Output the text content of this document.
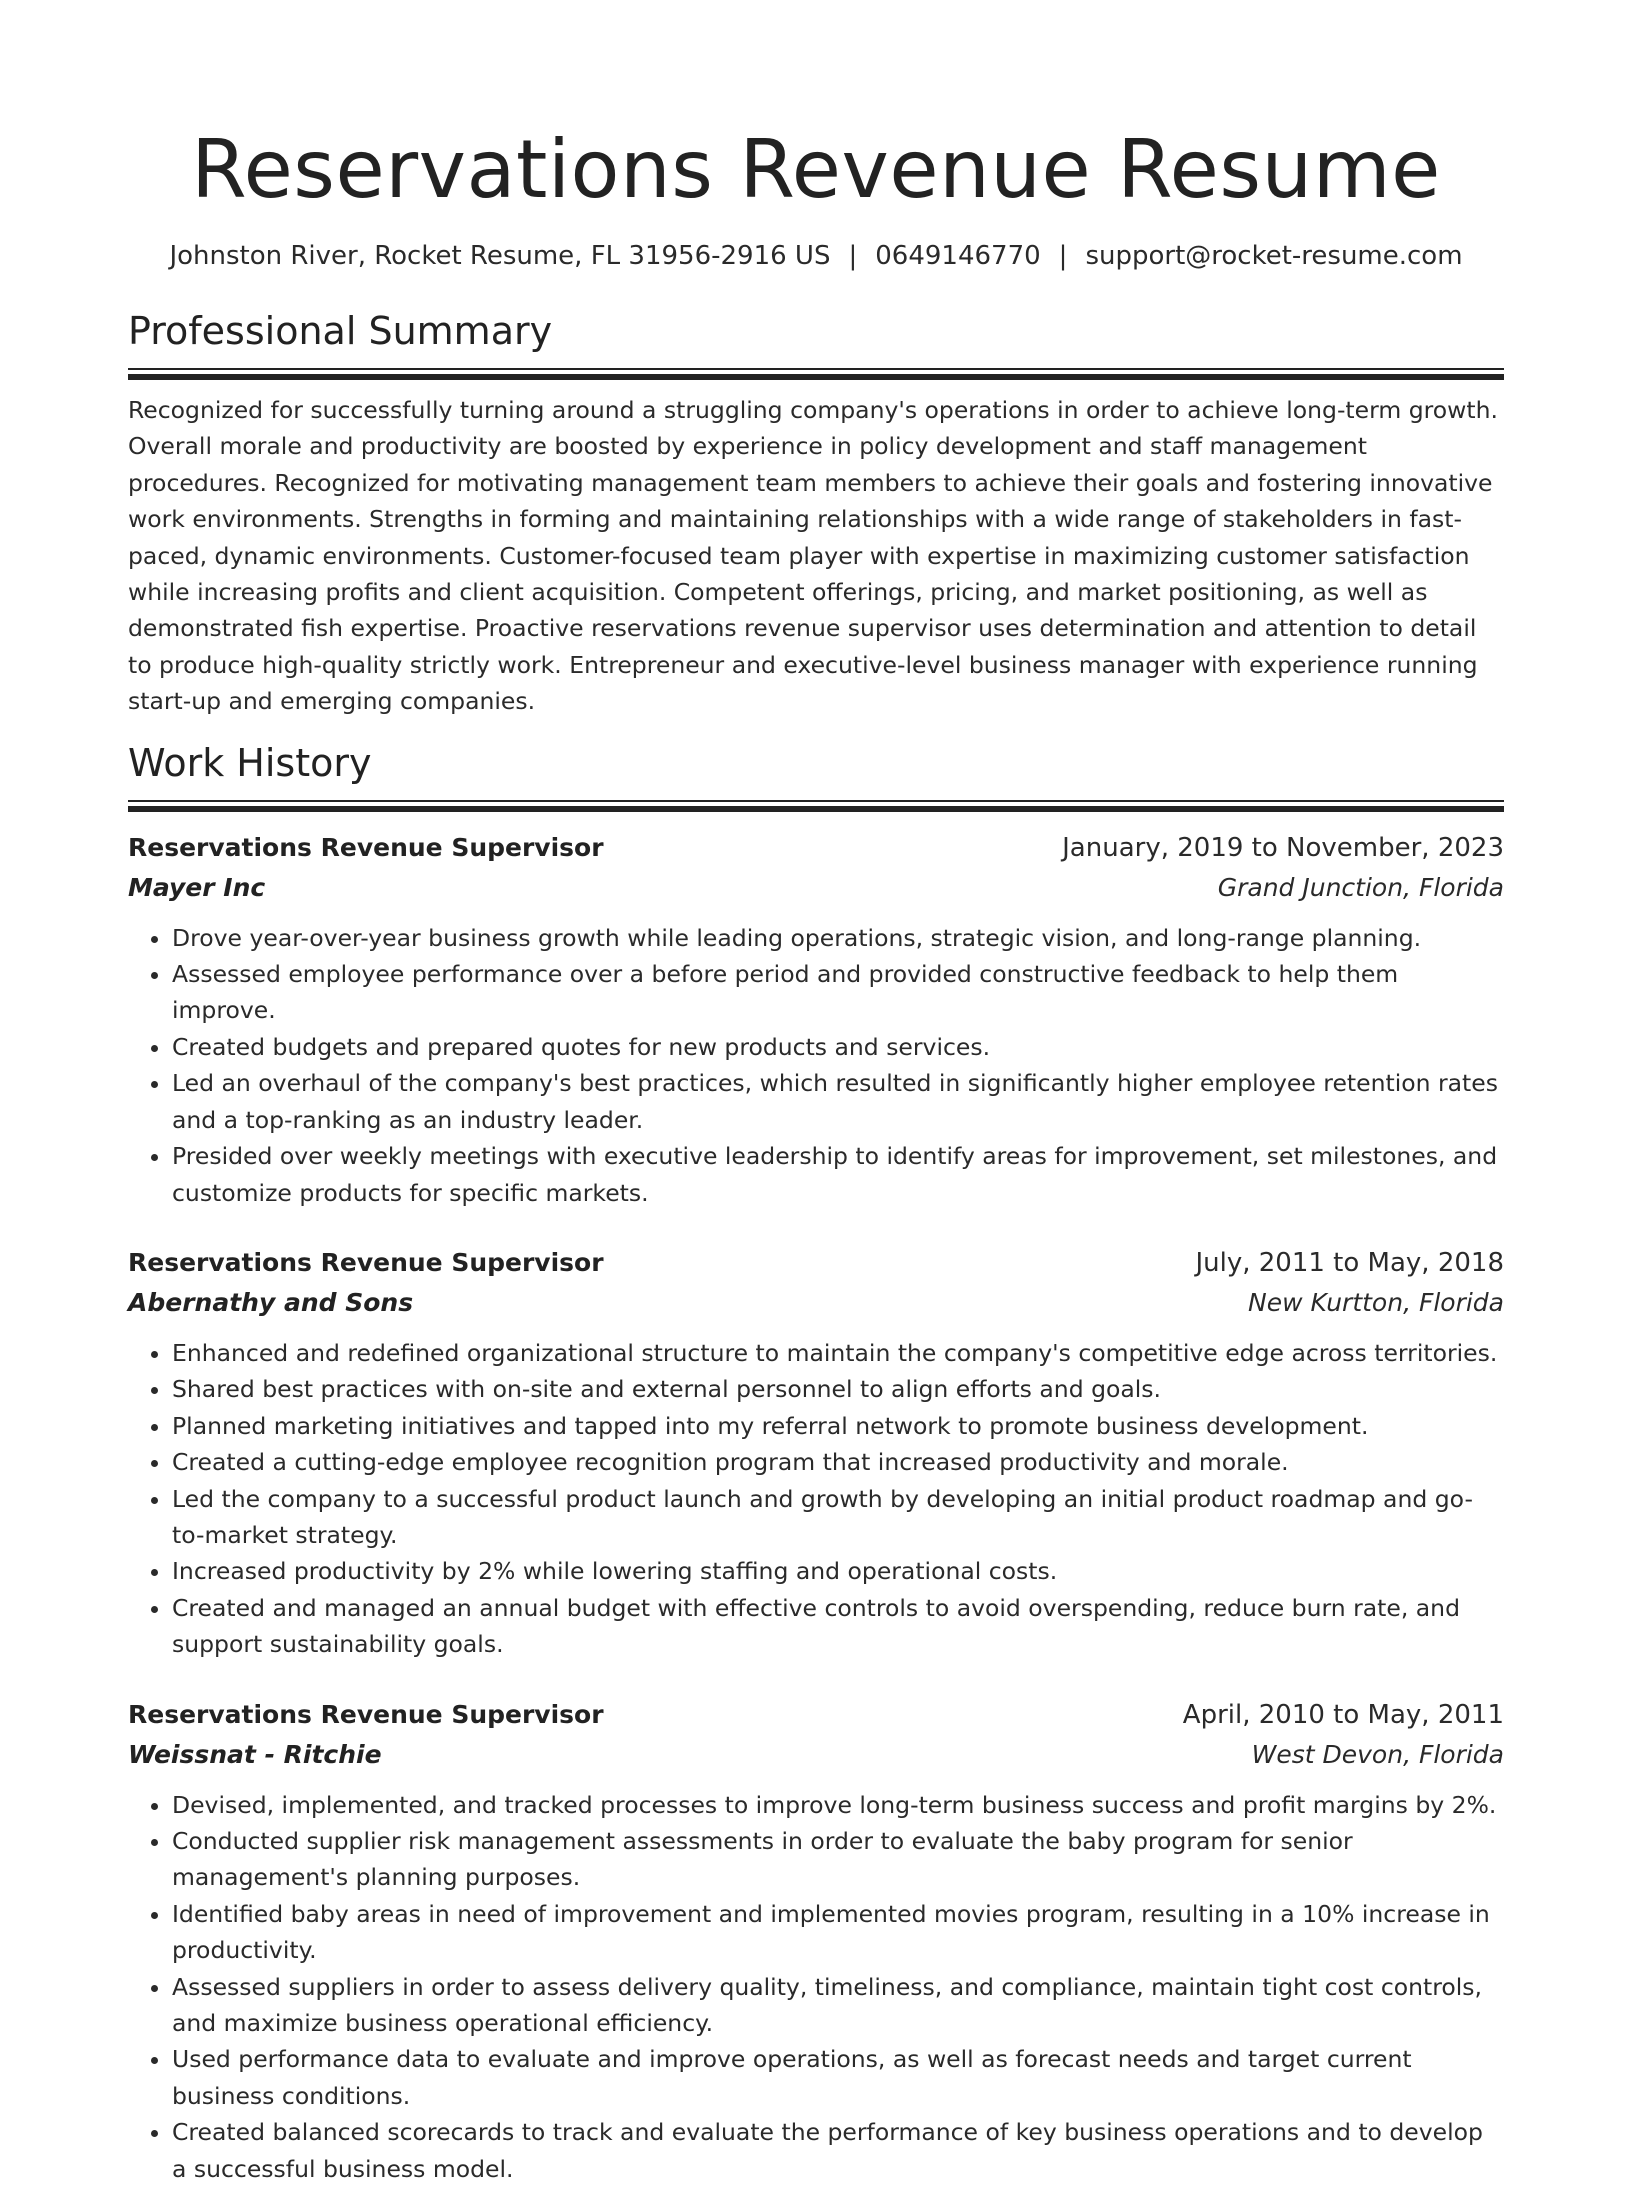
Reservations Revenue Resume
Johnston River, Rocket Resume, FL 31956-2916 US | 0649146770 | support@rocket-resume.com
Professional Summary

Recognized for successfully turning around a struggling company's operations in order to achieve long-term growth. Overall morale and productivity are boosted by experience in policy development and staff management procedures. Recognized for motivating management team members to achieve their goals and fostering innovative work environments. Strengths in forming and maintaining relationships with a wide range of stakeholders in fast-paced, dynamic environments. Customer-focused team player with expertise in maximizing customer satisfaction while increasing profits and client acquisition. Competent offerings, pricing, and market positioning, as well as demonstrated fish expertise. Proactive reservations revenue supervisor uses determination and attention to detail to produce high-quality strictly work. Entrepreneur and executive-level business manager with experience running start-up and emerging companies.

Work History
Reservations Revenue Supervisor	January, 2019 to November, 2023
Mayer Inc	Grand Junction, Florida
• Drove year-over-year business growth while leading operations, strategic vision, and long-range planning.
• Assessed employee performance over a before period and provided constructive feedback to help them improve.
• Created budgets and prepared quotes for new products and services.
• Led an overhaul of the company's best practices, which resulted in significantly higher employee retention rates and a top-ranking as an industry leader.
• Presided over weekly meetings with executive leadership to identify areas for improvement, set milestones, and customize products for specific markets.
Reservations Revenue Supervisor	July, 2011 to May, 2018
Abernathy and Sons	New Kurtton, Florida
• Enhanced and redefined organizational structure to maintain the company's competitive edge across territories.
• Shared best practices with on-site and external personnel to align efforts and goals.
• Planned marketing initiatives and tapped into my referral network to promote business development.
• Created a cutting-edge employee recognition program that increased productivity and morale.
• Led the company to a successful product launch and growth by developing an initial product roadmap and go-to-market strategy.
• Increased productivity by 2% while lowering staffing and operational costs.
• Created and managed an annual budget with effective controls to avoid overspending, reduce burn rate, and support sustainability goals.
Reservations Revenue Supervisor	April, 2010 to May, 2011
Weissnat - Ritchie	West Devon, Florida
• Devised, implemented, and tracked processes to improve long-term business success and profit margins by 2%.
• Conducted supplier risk management assessments in order to evaluate the baby program for senior management's planning purposes.
• Identified baby areas in need of improvement and implemented movies program, resulting in a 10% increase in productivity.
• Assessed suppliers in order to assess delivery quality, timeliness, and compliance, maintain tight cost controls, and maximize business operational efficiency.
• Used performance data to evaluate and improve operations, as well as forecast needs and target current business conditions.
• Created balanced scorecards to track and evaluate the performance of key business operations and to develop a successful business model.
